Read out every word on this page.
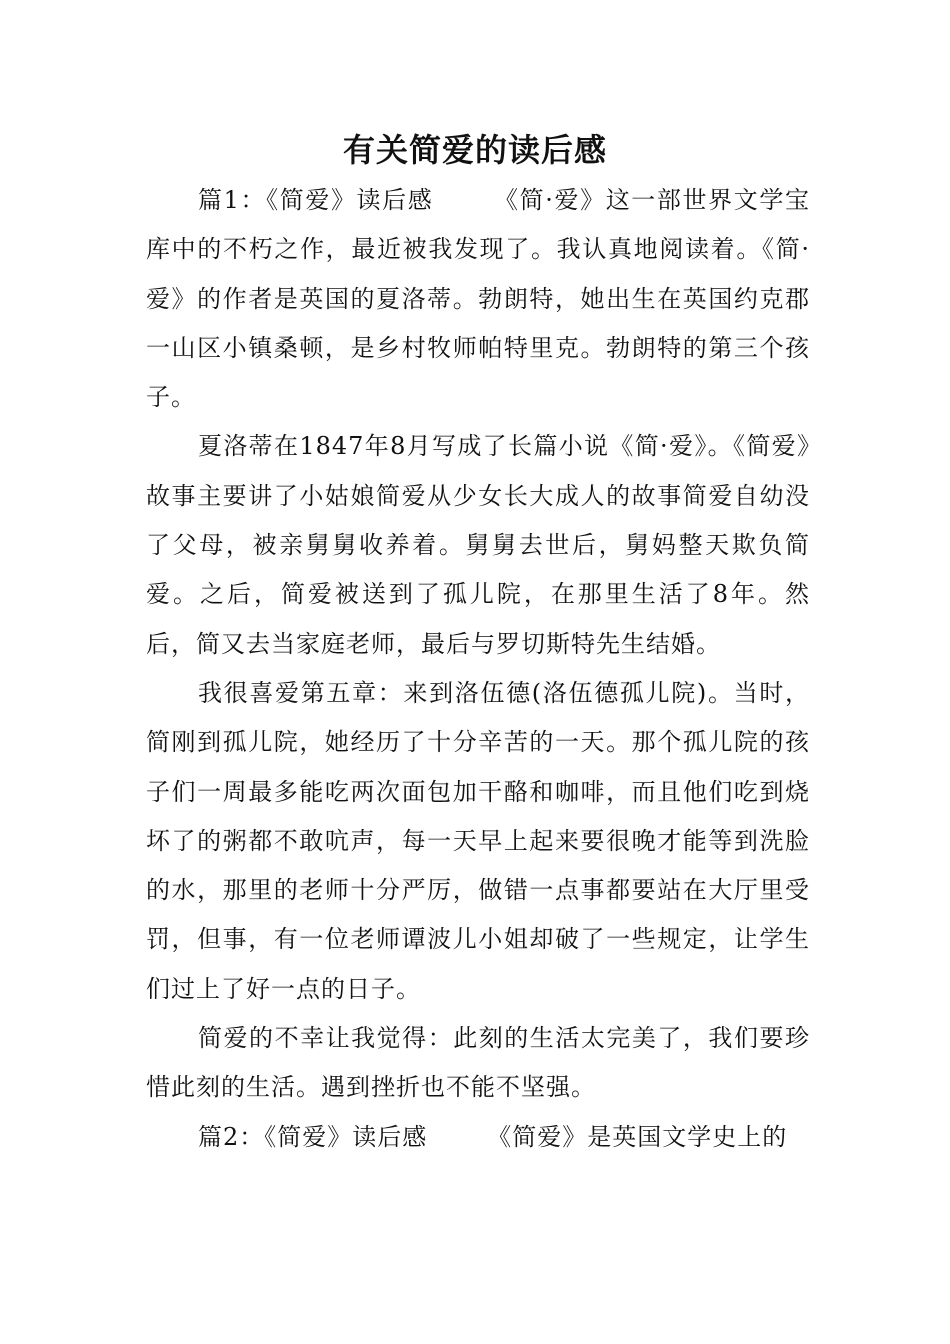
有关简爱的读后感

篇1：《简爱》读后感	《简·爱》这一部世界文学宝库中的不朽之作，最近被我发现了。我认真地阅读着。《简·爱》的作者是英国的夏洛蒂。勃朗特，她出生在英国约克郡一山区小镇桑顿，是乡村牧师帕特里克。勃朗特的第三个孩子。

夏洛蒂在1847年8月写成了长篇小说《简·爱》。《简爱》故事主要讲了小姑娘简爱从少女长大成人的故事简爱自幼没了父母，被亲舅舅收养着。舅舅去世后，舅妈整天欺负简爱。之后，简爱被送到了孤儿院，在那里生活了8年。然后，简又去当家庭老师，最后与罗切斯特先生结婚。

我很喜爱第五章：来到洛伍德(洛伍德孤儿院)。当时，简刚到孤儿院，她经历了十分辛苦的一天。那个孤儿院的孩子们一周最多能吃两次面包加干酪和咖啡，而且他们吃到烧坏了的粥都不敢吭声，每一天早上起来要很晚才能等到洗脸的水，那里的老师十分严厉，做错一点事都要站在大厅里受罚，但事，有一位老师谭波儿小姐却破了一些规定，让学生们过上了好一点的日子。

简爱的不幸让我觉得：此刻的生活太完美了，我们要珍惜此刻的生活。遇到挫折也不能不坚强。

篇2：《简爱》读后感	《简爱》是英国文学史上的
